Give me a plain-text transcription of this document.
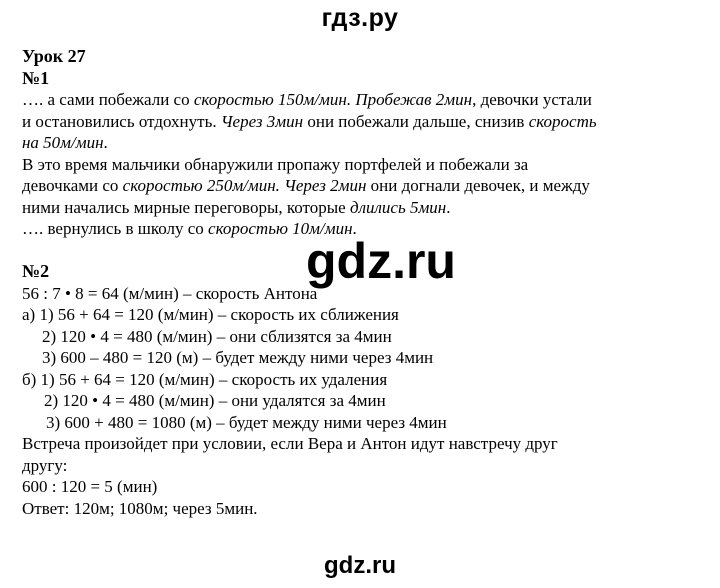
гдз.ру
Урок 27
№1
…. а сами побежали со скоростью 150м/мин. Пробежав 2мин, девочки устали
и остановились отдохнуть. Через 3мин они побежали дальше, снизив скорость
на 50м/мин.
В это время мальчики обнаружили пропажу портфелей и побежали за
девочками со скоростью 250м/мин. Через 2мин они догнали девочек, и между
ними начались мирные переговоры, которые длились 5мин.
…. вернулись в школу со скоростью 10м/мин.
№2
56 : 7 • 8 = 64 (м/мин) – скорость Антона
а) 1) 56 + 64 = 120 (м/мин) – скорость их сближения
2) 120 • 4 = 480 (м/мин) – они сблизятся за 4мин
3) 600 – 480 = 120 (м) – будет между ними через 4мин
б) 1) 56 + 64 = 120 (м/мин) – скорость их удаления
2) 120 • 4 = 480 (м/мин) – они удалятся за 4мин
3) 600 + 480 = 1080 (м) – будет между ними через 4мин
Встреча произойдет при условии, если Вера и Антон идут навстречу друг
другу:
600 : 120 = 5 (мин)
Ответ: 120м; 1080м; через 5мин.
gdz.ru
gdz.ru
